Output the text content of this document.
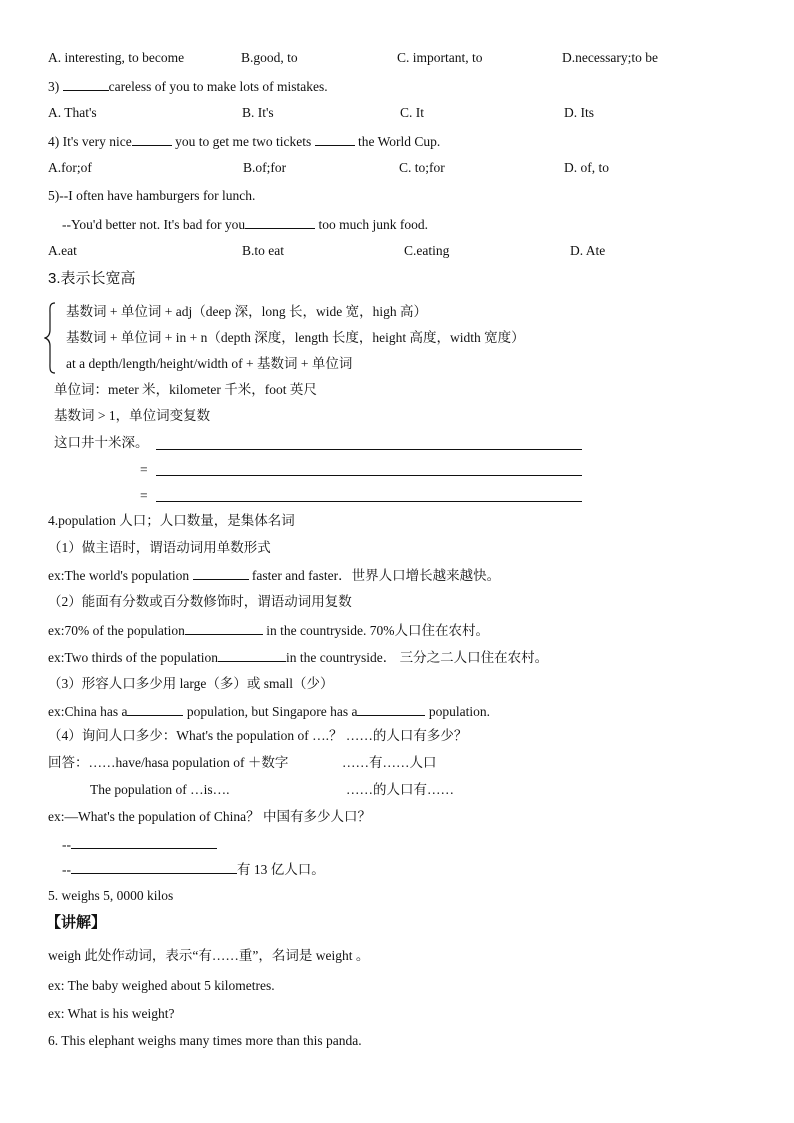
A. interesting, to become	B.good, to	C. important, to	D.necessary;to be
3)	careless of you to make lots of mistakes.
A. That's	B. It's	C. It	D. Its
4) It's very nice	you to get me two tickets	the World Cup.
A.for;of	B.of;for	C. to;for	D. of, to
5)--I often have hamburgers for lunch.
--You'd better not. It's bad for you	too much junk food.
A.eat	B.to eat	C.eating	D. Ate
3.表示长宽高
基数词 + 单位词 + adj（deep 深，long 长，wide 宽，high 高）
基数词 + 单位词 + in + n（depth 深度，length 长度，height 高度，width 宽度）
at a depth/length/height/width of + 基数词 + 单位词
单位词：meter 米，kilometer 千米，foot 英尺
基数词 > 1，单位词变复数
这口井十米深。
=
=
4.population 人口；人口数量，是集体名词
（1）做主语时，谓语动词用单数形式
ex:The world's population	faster and faster．世界人口增长越来越快。
（2）能面有分数或百分数修饰时，谓语动词用复数
ex:70% of the population	in the countryside. 70%人口住在农村。
ex:Two thirds of the population	in the countryside． 三分之二人口住在农村。
（3）形容人口多少用 large（多）或 small（少）
ex:China has a	population, but Singapore has a	population.
（4）询问人口多少：What's the population of ….？ ……的人口有多少？
回答：……have/hasa population of ＋数字	……有……人口
The population of …is….	……的人口有……
ex:—What's the population of China？ 中国有多少人口？
--
--	有 13 亿人口。
5. weighs 5, 0000 kilos
【讲解】
weigh 此处作动词，表示“有……重”，名词是 weight 。
ex: The baby weighed about 5 kilometres.
ex: What is his weight?
6. This elephant weighs many times more than this panda.
